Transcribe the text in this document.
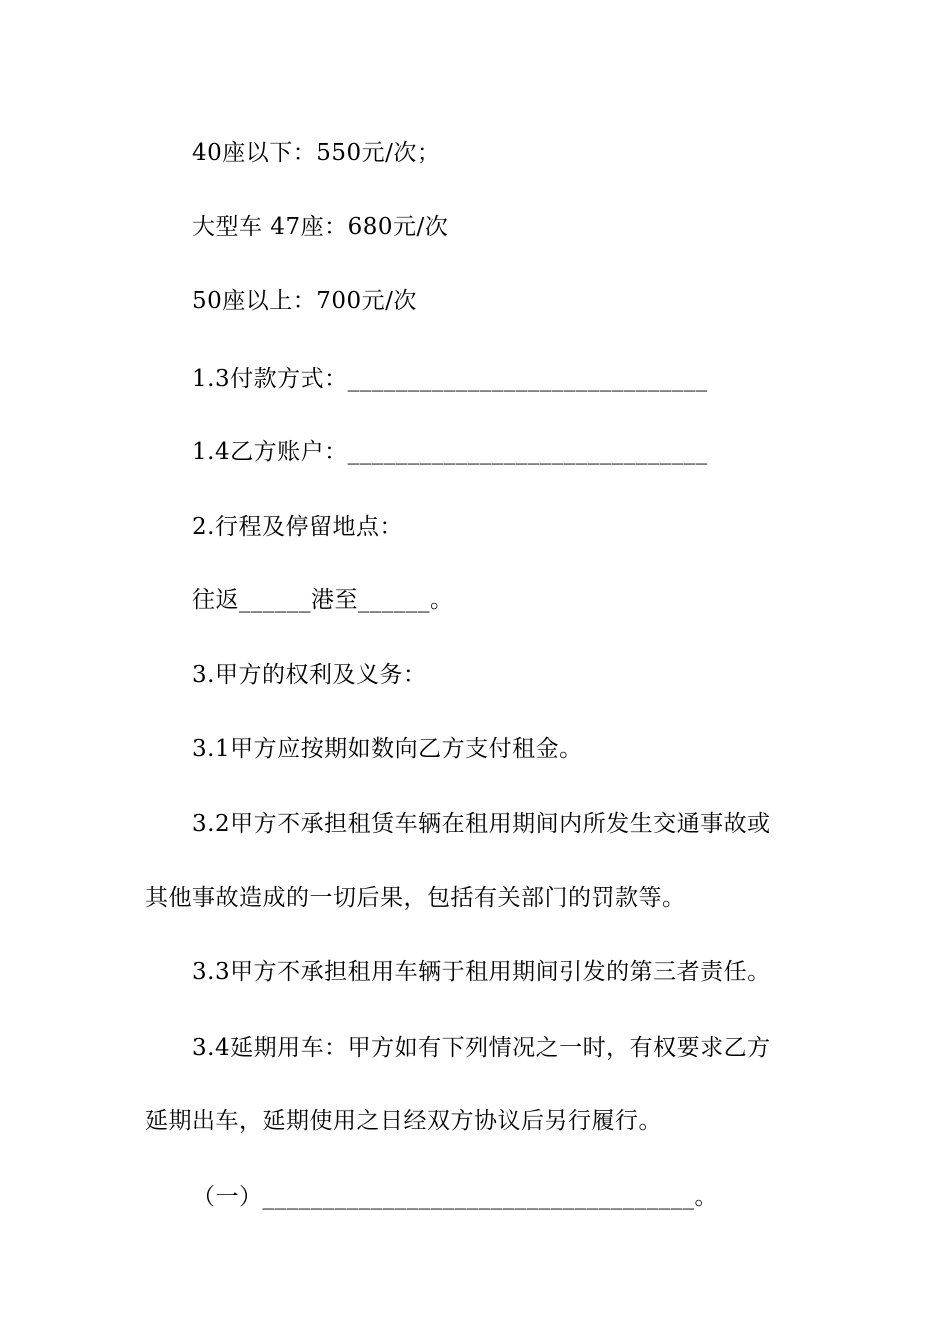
40座以下：550元/次；
大型车 47座：680元/次
50座以上：700元/次
1.3付款方式：______________________________
1.4乙方账户：______________________________
2.行程及停留地点：
往返______港至______。
3.甲方的权利及义务：
3.1甲方应按期如数向乙方支付租金。
3.2甲方不承担租赁车辆在租用期间内所发生交通事故或
其他事故造成的一切后果，包括有关部门的罚款等。
3.3甲方不承担租用车辆于租用期间引发的第三者责任。
3.4延期用车：甲方如有下列情况之一时，有权要求乙方
延期出车，延期使用之日经双方协议后另行履行。
（一）____________________________________。
